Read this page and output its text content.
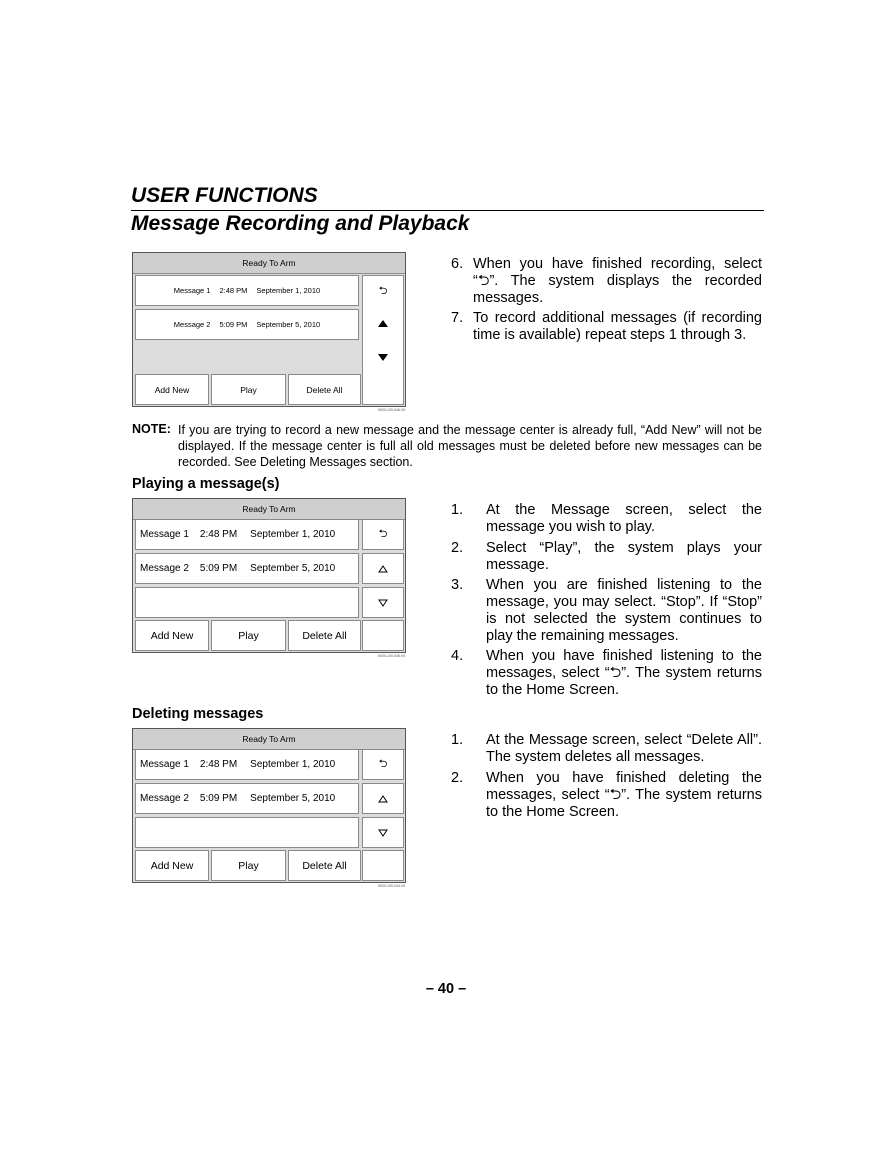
USER FUNCTIONS
Message Recording and Playback
Ready To Arm
Message 1 2:48 PM September 1, 2010
Message 2 5:09 PM September 5, 2010
⮌
Add New	Play	Delete All
5000-100-046-V0
6. When you have finished recording, select “⮌”. The system displays the recorded messages.
7. To record additional messages (if recording time is available) repeat steps 1 through 3.
NOTE: If you are trying to record a new message and the message center is already full, “Add New” will not be displayed. If the message center is full all old messages must be deleted before new messages can be recorded. See Deleting Messages section.
Playing a message(s)
Ready To Arm
Message 1 2:48 PM September 1, 2010
Message 2 5:09 PM September 5, 2010
⮌
Add New	Play	Delete All
5000-100-045-V0
1. At the Message screen, select the message you wish to play.
2. Select “Play”, the system plays your message.
3. When you are finished listening to the message, you may select. “Stop”. If “Stop” is not selected the system continues to play the remaining messages.
4. When you have finished listening to the messages, select “⮌”. The system returns to the Home Screen.
Deleting messages
Ready To Arm
Message 1 2:48 PM September 1, 2010
Message 2 5:09 PM September 5, 2010
⮌
Add New	Play	Delete All
5000-100-044-V0
1. At the Message screen, select “Delete All”. The system deletes all messages.
2. When you have finished deleting the messages, select “⮌”. The system returns to the Home Screen.
– 40 –
